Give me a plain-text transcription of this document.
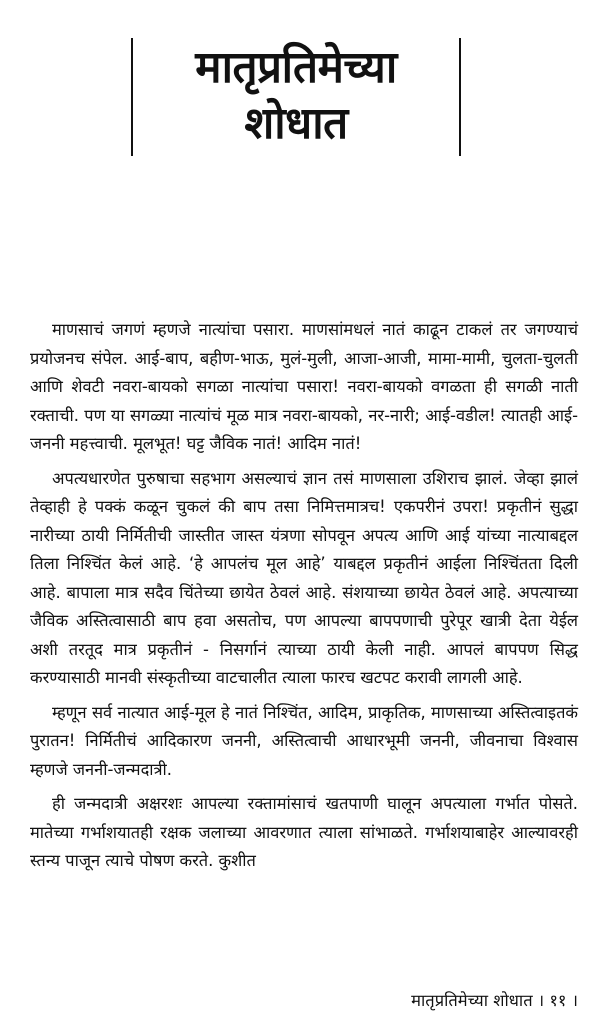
मातृप्रतिमेच्या
शोधात

माणसाचं जगणं म्हणजे नात्यांचा पसारा. माणसांमधलं नातं काढून टाकलं तर जगण्याचं प्रयोजनच संपेल. आई-बाप, बहीण-भाऊ, मुलं-मुली, आजा-आजी, मामा-मामी, चुलता-चुलती आणि शेवटी नवरा-बायको सगळा नात्यांचा पसारा! नवरा-बायको वगळता ही सगळी नाती रक्ताची. पण या सगळ्या नात्यांचं मूळ मात्र नवरा-बायको, नर-नारी; आई-वडील! त्यातही आई-जननी महत्त्वाची. मूलभूत! घट्ट जैविक नातं! आदिम नातं!

अपत्यधारणेत पुरुषाचा सहभाग असल्याचं ज्ञान तसं माणसाला उशिराच झालं. जेव्हा झालं तेव्हाही हे पक्कं कळून चुकलं की बाप तसा निमित्तमात्रच! एकपरीनं उपरा! प्रकृतीनं सुद्धा नारीच्या ठायी निर्मितीची जास्तीत जास्त यंत्रणा सोपवून अपत्य आणि आई यांच्या नात्याबद्दल तिला निश्चिंत केलं आहे. ‘हे आपलंच मूल आहे’ याबद्दल प्रकृतीनं आईला निश्चिंतता दिली आहे. बापाला मात्र सदैव चिंतेच्या छायेत ठेवलं आहे. संशयाच्या छायेत ठेवलं आहे. अपत्याच्या जैविक अस्तित्वासाठी बाप हवा असतोच, पण आपल्या बापपणाची पुरेपूर खात्री देता येईल अशी तरतूद मात्र प्रकृतीनं - निसर्गानं त्याच्या ठायी केली नाही. आपलं बापपण सिद्ध करण्यासाठी मानवी संस्कृतीच्या वाटचालीत त्याला फारच खटपट करावी लागली आहे.

म्हणून सर्व नात्यात आई-मूल हे नातं निश्चिंत, आदिम, प्राकृतिक, माणसाच्या अस्तित्वाइतकं पुरातन! निर्मितीचं आदिकारण जननी, अस्तित्वाची आधारभूमी जननी, जीवनाचा विश्वास म्हणजे जननी-जन्मदात्री.

ही जन्मदात्री अक्षरशः आपल्या रक्तामांसाचं खतपाणी घालून अपत्याला गर्भात पोसते. मातेच्या गर्भाशयातही रक्षक जलाच्या आवरणात त्याला सांभाळते. गर्भाशयाबाहेर आल्यावरही स्तन्य पाजून त्याचे पोषण करते. कुशीत

मातृप्रतिमेच्या शोधात । ११ ।
